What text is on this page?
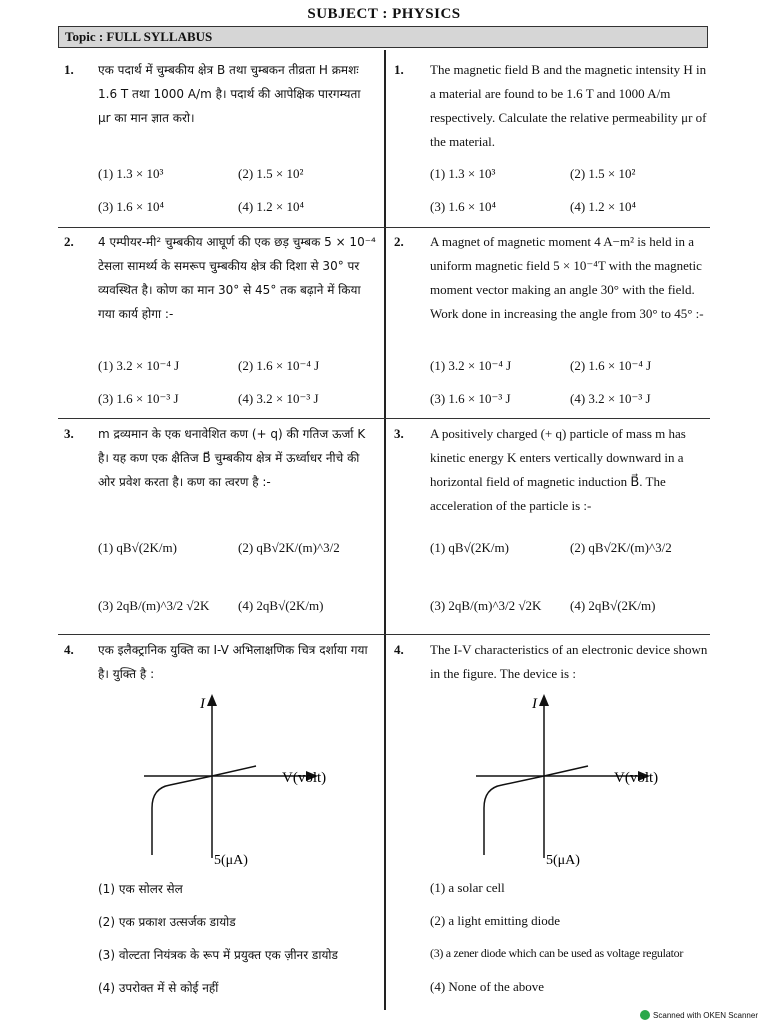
SUBJECT : PHYSICS
Topic : FULL SYLLABUS
1. एक पदार्थ में चुम्बकीय क्षेत्र B तथा चुम्बकन तीव्रता H क्रमशः 1.6 T तथा 1000 A/m है। पदार्थ की आपेक्षिक पारगम्यता μr का मान ज्ञात करो।
(1) 1.3 × 10³	(2) 1.5 × 10²
(3) 1.6 × 10⁴	(4) 1.2 × 10⁴
1. The magnetic field B and the magnetic intensity H in a material are found to be 1.6 T and 1000 A/m respectively. Calculate the relative permeability μr of the material.
(1) 1.3 × 10³	(2) 1.5 × 10²
(3) 1.6 × 10⁴	(4) 1.2 × 10⁴
2. 4 एम्पीयर-मी² चुम्बकीय आघूर्ण की एक छड़ चुम्बक 5 × 10⁻⁴ टेसला सामर्थ्य के समरूप चुम्बकीय क्षेत्र की दिशा से 30° पर व्यवस्थित है। कोण का मान 30° से 45° तक बढ़ाने में किया गया कार्य होगा :-
(1) 3.2 × 10⁻⁴ J	(2) 1.6 × 10⁻⁴ J
(3) 1.6 × 10⁻³ J	(4) 3.2 × 10⁻³ J
2. A magnet of magnetic moment 4 A−m² is held in a uniform magnetic field 5 × 10⁻⁴T with the magnetic moment vector making an angle 30° with the field. Work done in increasing the angle from 30° to 45° :-
(1) 3.2 × 10⁻⁴ J	(2) 1.6 × 10⁻⁴ J
(3) 1.6 × 10⁻³ J	(4) 3.2 × 10⁻³ J
3. m द्रव्यमान के एक धनावेशित कण (+ q) की गतिज ऊर्जा K है। यह कण एक क्षैतिज B⃗ चुम्बकीय क्षेत्र में ऊर्ध्वाधर नीचे की ओर प्रवेश करता है। कण का त्वरण है :-
(1) qB√(2K/m)	(2) qB√2K/(m)^3/2
(3) 2qB/(m)^3/2 √2K (4) 2qB√(2K/m)
3. A positively charged (+ q) particle of mass m has kinetic energy K enters vertically downward in a horizontal field of magnetic induction B⃗. The acceleration of the particle is :-
(1) qB√(2K/m)	(2) qB√2K/(m)^3/2
(3) 2qB/(m)^3/2 √2K (4) 2qB√(2K/m)
4. एक इलैक्ट्रानिक युक्ति का I-V अभिलाक्षणिक चित्र दर्शाया गया है। युक्ति है :
4. The I-V characteristics of an electronic device shown in the figure. The device is :
I
V(volt)
5(μA)
I
V(volt)
5(μA)
(1) एक सोलर सेल
(2) एक प्रकाश उत्सर्जक डायोड
(3) वोल्टता नियंत्रक के रूप में प्रयुक्त एक ज़ीनर डायोड
(4) उपरोक्त में से कोई नहीं
(1) a solar cell
(2) a light emitting diode
(3) a zener diode which can be used as voltage regulator
(4) None of the above
Scanned with OKEN Scanner
